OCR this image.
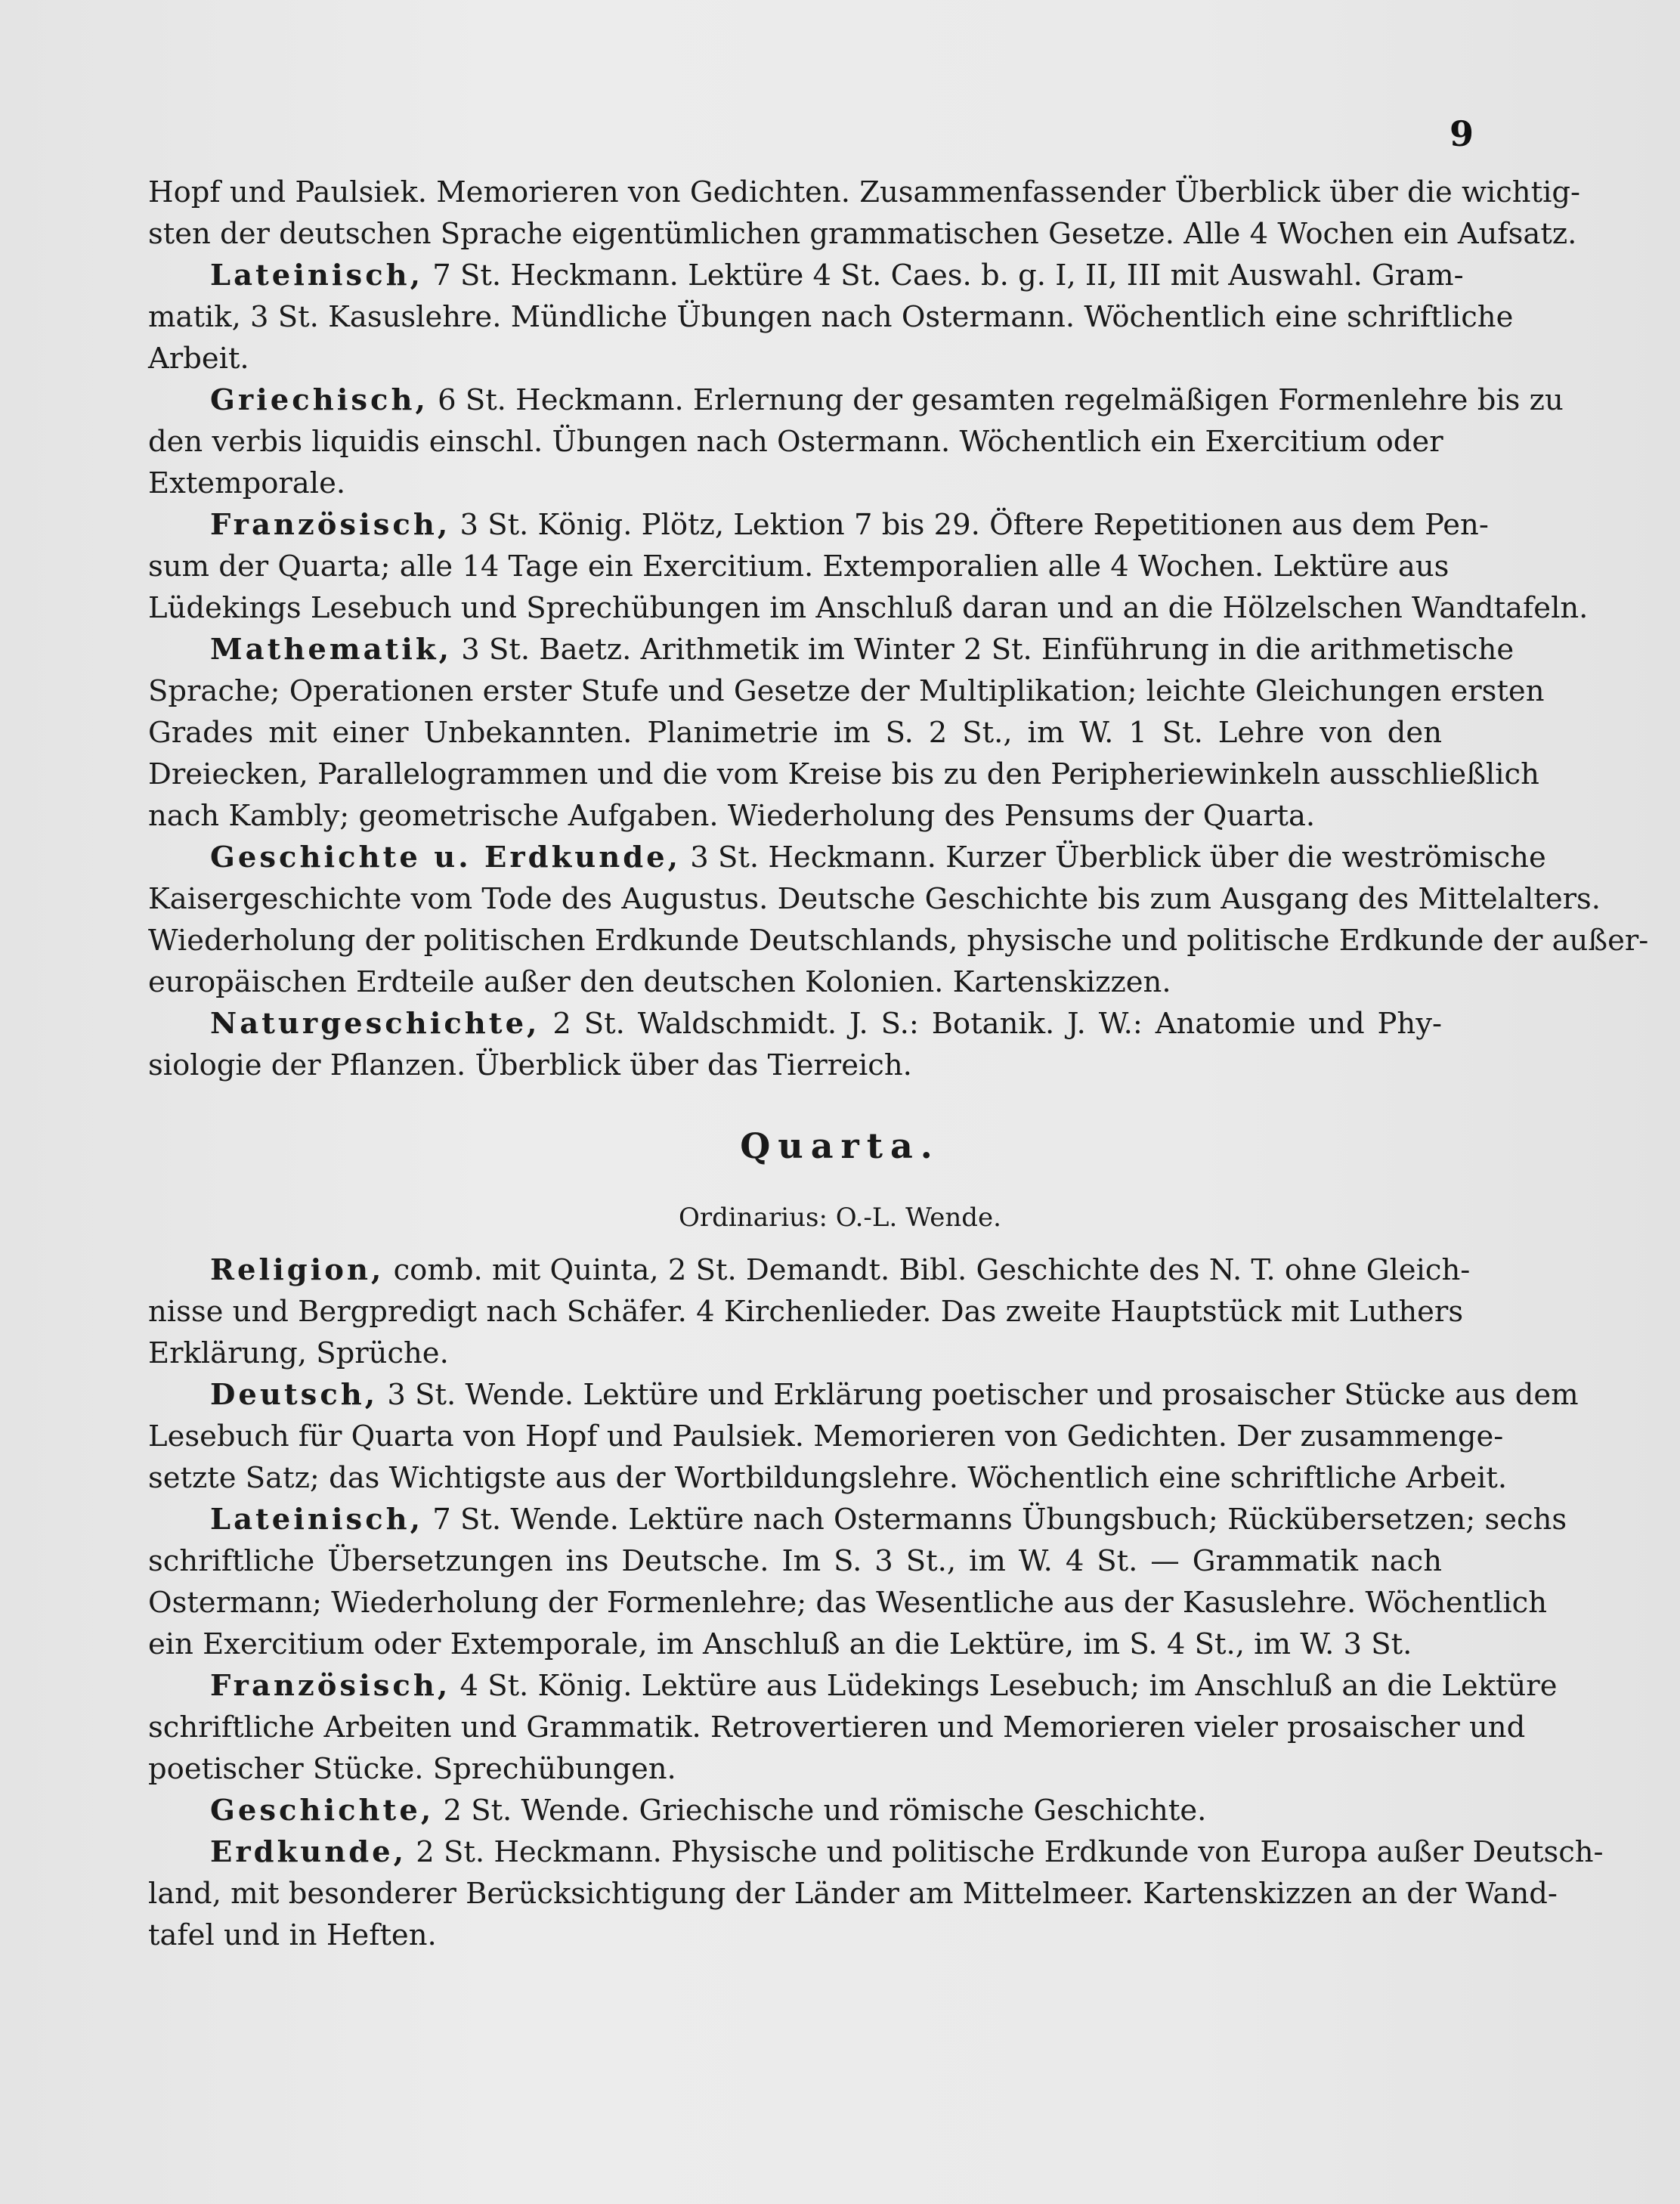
9
Hopf und Paulsiek. Memorieren von Gedichten. Zusammenfassender Überblick über die wichtig-
sten der deutschen Sprache eigentümlichen grammatischen Gesetze. Alle 4 Wochen ein Aufsatz.
Lateinisch, 7 St. Heckmann. Lektüre 4 St. Caes. b. g. I, II, III mit Auswahl. Gram-
matik, 3 St. Kasuslehre. Mündliche Übungen nach Ostermann. Wöchentlich eine schriftliche
Arbeit.
Griechisch, 6 St. Heckmann. Erlernung der gesamten regelmäßigen Formenlehre bis zu
den verbis liquidis einschl. Übungen nach Ostermann. Wöchentlich ein Exercitium oder
Extemporale.
Französisch, 3 St. König. Plötz, Lektion 7 bis 29. Öftere Repetitionen aus dem Pen-
sum der Quarta; alle 14 Tage ein Exercitium. Extemporalien alle 4 Wochen. Lektüre aus
Lüdekings Lesebuch und Sprechübungen im Anschluß daran und an die Hölzelschen Wandtafeln.
Mathematik, 3 St. Baetz. Arithmetik im Winter 2 St. Einführung in die arithmetische
Sprache; Operationen erster Stufe und Gesetze der Multiplikation; leichte Gleichungen ersten
Grades mit einer Unbekannten. Planimetrie im S. 2 St., im W. 1 St. Lehre von den
Dreiecken, Parallelogrammen und die vom Kreise bis zu den Peripheriewinkeln ausschließlich
nach Kambly; geometrische Aufgaben. Wiederholung des Pensums der Quarta.
Geschichte u. Erdkunde, 3 St. Heckmann. Kurzer Überblick über die weströmische
Kaisergeschichte vom Tode des Augustus. Deutsche Geschichte bis zum Ausgang des Mittelalters.
Wiederholung der politischen Erdkunde Deutschlands, physische und politische Erdkunde der außer-
europäischen Erdteile außer den deutschen Kolonien. Kartenskizzen.
Naturgeschichte, 2 St. Waldschmidt. J. S.: Botanik. J. W.: Anatomie und Phy-
siologie der Pflanzen. Überblick über das Tierreich.
Quarta.
Ordinarius: O.-L. Wende.
Religion, comb. mit Quinta, 2 St. Demandt. Bibl. Geschichte des N. T. ohne Gleich-
nisse und Bergpredigt nach Schäfer. 4 Kirchenlieder. Das zweite Hauptstück mit Luthers
Erklärung, Sprüche.
Deutsch, 3 St. Wende. Lektüre und Erklärung poetischer und prosaischer Stücke aus dem
Lesebuch für Quarta von Hopf und Paulsiek. Memorieren von Gedichten. Der zusammenge-
setzte Satz; das Wichtigste aus der Wortbildungslehre. Wöchentlich eine schriftliche Arbeit.
Lateinisch, 7 St. Wende. Lektüre nach Ostermanns Übungsbuch; Rückübersetzen; sechs
schriftliche Übersetzungen ins Deutsche. Im S. 3 St., im W. 4 St. — Grammatik nach
Ostermann; Wiederholung der Formenlehre; das Wesentliche aus der Kasuslehre. Wöchentlich
ein Exercitium oder Extemporale, im Anschluß an die Lektüre, im S. 4 St., im W. 3 St.
Französisch, 4 St. König. Lektüre aus Lüdekings Lesebuch; im Anschluß an die Lektüre
schriftliche Arbeiten und Grammatik. Retrovertieren und Memorieren vieler prosaischer und
poetischer Stücke. Sprechübungen.
Geschichte, 2 St. Wende. Griechische und römische Geschichte.
Erdkunde, 2 St. Heckmann. Physische und politische Erdkunde von Europa außer Deutsch-
land, mit besonderer Berücksichtigung der Länder am Mittelmeer. Kartenskizzen an der Wand-
tafel und in Heften.
